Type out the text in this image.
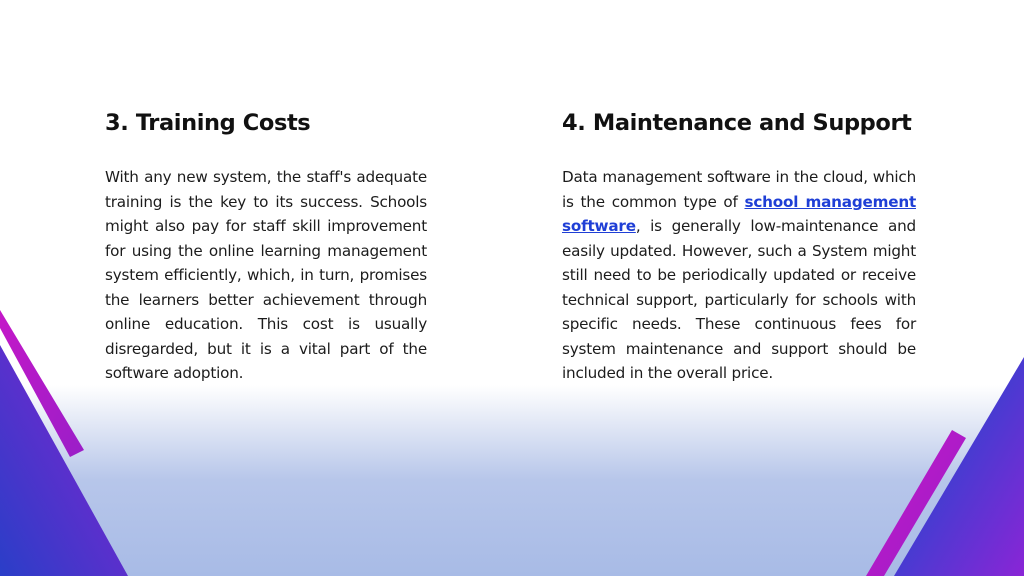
3. Training Costs

With any new system, the staff's adequate training is the key to its success. Schools might also pay for staff skill improvement for using the online learning management system efficiently, which, in turn, promises the learners better achievement through online education. This cost is usually disregarded, but it is a vital part of the software adoption.

4. Maintenance and Support

Data management software in the cloud, which is the common type of school management software, is generally low-maintenance and easily updated. However, such a System might still need to be periodically updated or receive technical support, particularly for schools with specific needs. These continuous fees for system maintenance and support should be included in the overall price.
